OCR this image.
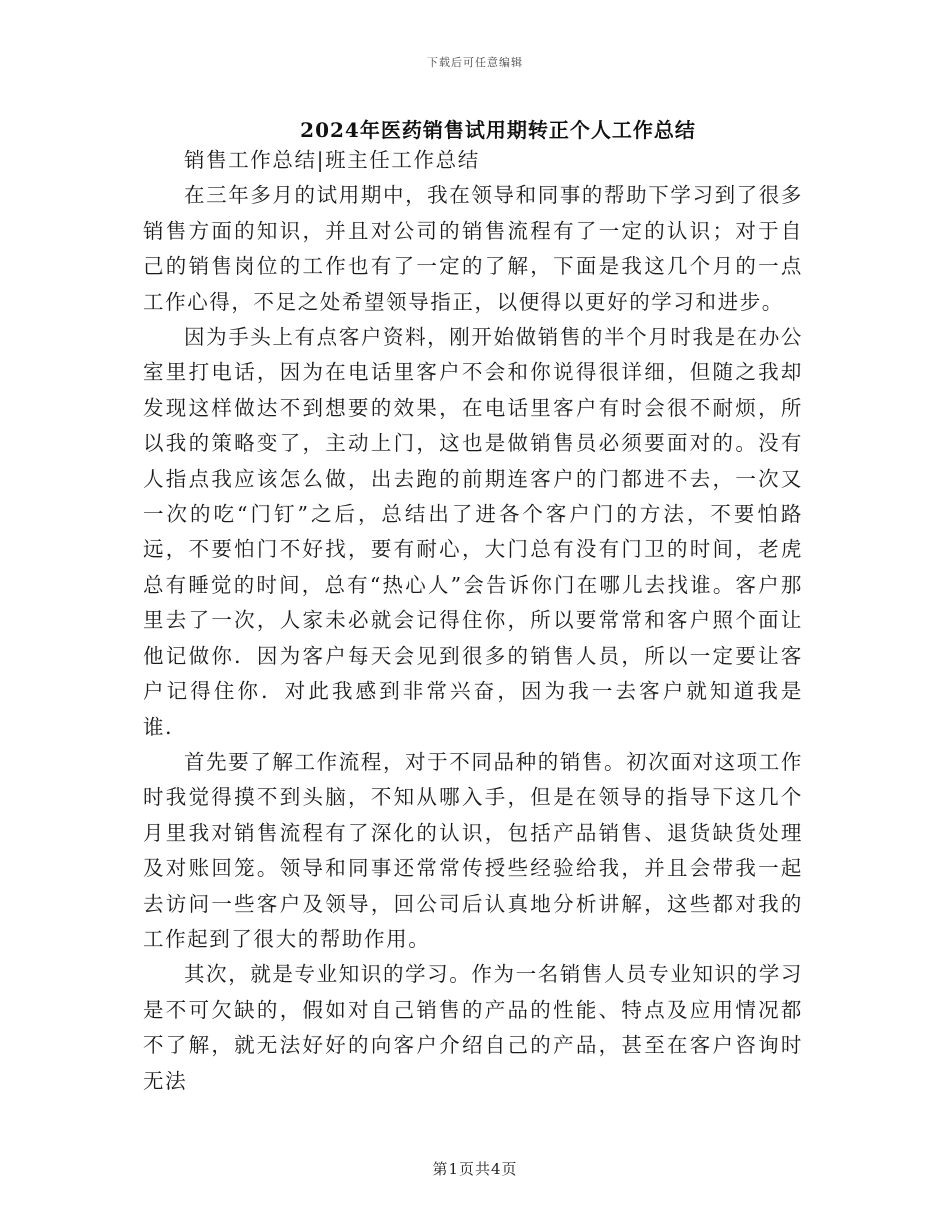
下载后可任意编辑
2024年医药销售试用期转正个人工作总结

销售工作总结|班主任工作总结

在三年多月的试用期中，我在领导和同事的帮助下学习到了很多销售方面的知识，并且对公司的销售流程有了一定的认识；对于自己的销售岗位的工作也有了一定的了解，下面是我这几个月的一点工作心得，不足之处希望领导指正，以便得以更好的学习和进步。

因为手头上有点客户资料，刚开始做销售的半个月时我是在办公室里打电话，因为在电话里客户不会和你说得很详细，但随之我却发现这样做达不到想要的效果，在电话里客户有时会很不耐烦，所以我的策略变了，主动上门，这也是做销售员必须要面对的。没有人指点我应该怎么做，出去跑的前期连客户的门都进不去，一次又一次的吃“门钉”之后，总结出了进各个客户门的方法，不要怕路远，不要怕门不好找，要有耐心，大门总有没有门卫的时间，老虎总有睡觉的时间，总有“热心人”会告诉你门在哪儿去找谁。客户那里去了一次，人家未必就会记得住你，所以要常常和客户照个面让他记做你．因为客户每天会见到很多的销售人员，所以一定要让客户记得住你．对此我感到非常兴奋，因为我一去客户就知道我是谁．

首先要了解工作流程，对于不同品种的销售。初次面对这项工作时我觉得摸不到头脑，不知从哪入手，但是在领导的指导下这几个月里我对销售流程有了深化的认识，包括产品销售、退货缺货处理及对账回笼。领导和同事还常常传授些经验给我，并且会带我一起去访问一些客户及领导，回公司后认真地分析讲解，这些都对我的工作起到了很大的帮助作用。

其次，就是专业知识的学习。作为一名销售人员专业知识的学习是不可欠缺的，假如对自己销售的产品的性能、特点及应用情况都不了解，就无法好好的向客户介绍自己的产品，甚至在客户咨询时无法

第1页共4页
